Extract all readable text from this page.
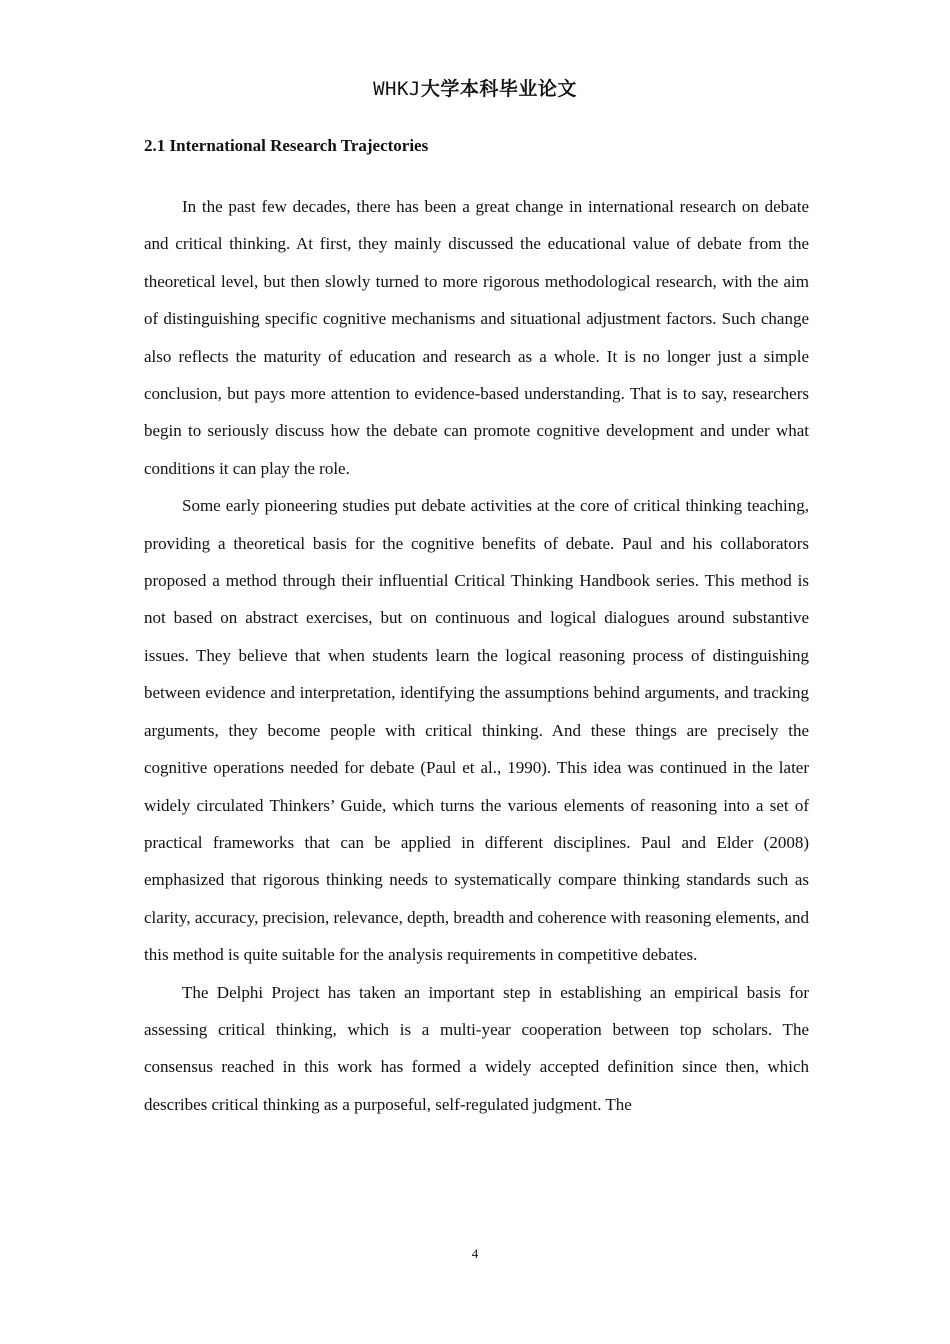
WHKJ大学本科毕业论文
2.1 International Research Trajectories

In the past few decades, there has been a great change in international research on debate and critical thinking. At first, they mainly discussed the educational value of debate from the theoretical level, but then slowly turned to more rigorous methodological research, with the aim of distinguishing specific cognitive mechanisms and situational adjustment factors. Such change also reflects the maturity of education and research as a whole. It is no longer just a simple conclusion, but pays more attention to evidence-based understanding. That is to say, researchers begin to seriously discuss how the debate can promote cognitive development and under what conditions it can play the role.

Some early pioneering studies put debate activities at the core of critical thinking teaching, providing a theoretical basis for the cognitive benefits of debate. Paul and his collaborators proposed a method through their influential Critical Thinking Handbook series. This method is not based on abstract exercises, but on continuous and logical dialogues around substantive issues. They believe that when students learn the logical reasoning process of distinguishing between evidence and interpretation, identifying the assumptions behind arguments, and tracking arguments, they become people with critical thinking. And these things are precisely the cognitive operations needed for debate (Paul et al., 1990). This idea was continued in the later widely circulated Thinkers’ Guide, which turns the various elements of reasoning into a set of practical frameworks that can be applied in different disciplines. Paul and Elder (2008) emphasized that rigorous thinking needs to systematically compare thinking standards such as clarity, accuracy, precision, relevance, depth, breadth and coherence with reasoning elements, and this method is quite suitable for the analysis requirements in competitive debates.

The Delphi Project has taken an important step in establishing an empirical basis for assessing critical thinking, which is a multi-year cooperation between top scholars. The consensus reached in this work has formed a widely accepted definition since then, which describes critical thinking as a purposeful, self-regulated judgment. The

4
